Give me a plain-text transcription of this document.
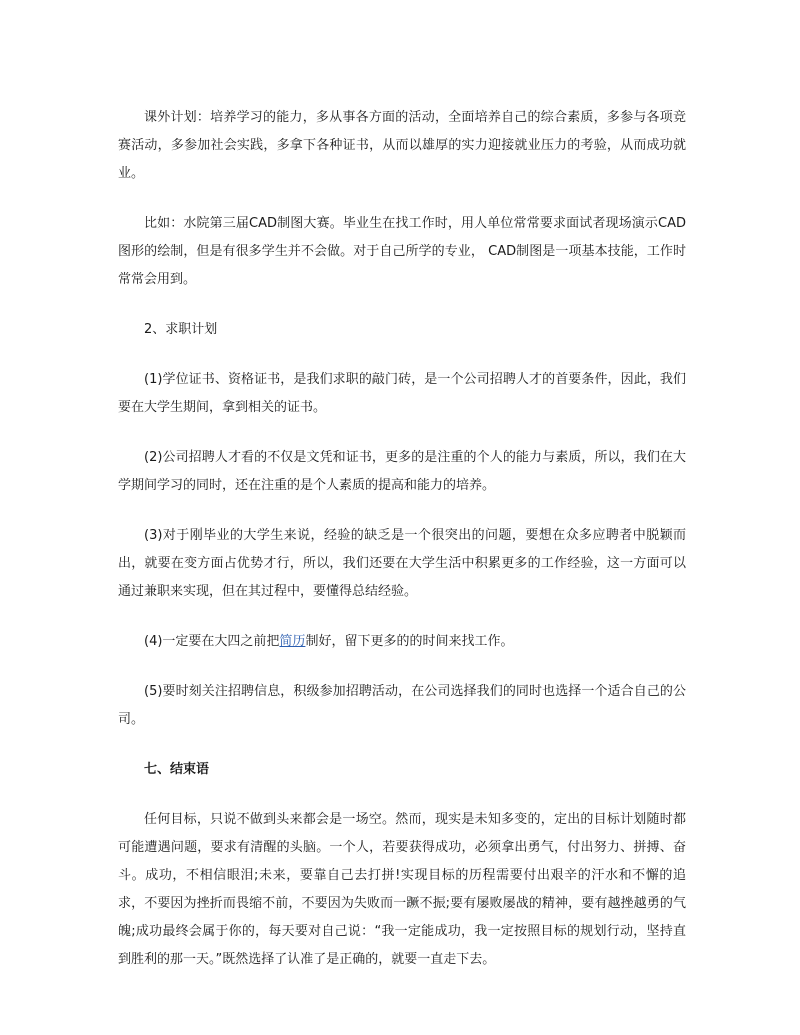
课外计划：培养学习的能力，多从事各方面的活动，全面培养自己的综合素质，多参与各项竞赛活动，多参加社会实践，多拿下各种证书，从而以雄厚的实力迎接就业压力的考验，从而成功就业。

比如：水院第三届CAD制图大赛。毕业生在找工作时，用人单位常常要求面试者现场演示CAD图形的绘制，但是有很多学生并不会做。对于自己所学的专业， CAD制图是一项基本技能，工作时常常会用到。

2、求职计划

(1)学位证书、资格证书，是我们求职的敲门砖，是一个公司招聘人才的首要条件，因此，我们要在大学生期间，拿到相关的证书。

(2)公司招聘人才看的不仅是文凭和证书，更多的是注重的个人的能力与素质，所以，我们在大学期间学习的同时，还在注重的是个人素质的提高和能力的培养。

(3)对于刚毕业的大学生来说，经验的缺乏是一个很突出的问题，要想在众多应聘者中脱颖而出，就要在变方面占优势才行，所以，我们还要在大学生活中积累更多的工作经验，这一方面可以通过兼职来实现，但在其过程中，要懂得总结经验。

(4)一定要在大四之前把简历制好，留下更多的的时间来找工作。

(5)要时刻关注招聘信息，积级参加招聘活动，在公司选择我们的同时也选择一个适合自己的公司。

七、结束语

任何目标，只说不做到头来都会是一场空。然而，现实是未知多变的，定出的目标计划随时都可能遭遇问题，要求有清醒的头脑。一个人，若要获得成功，必须拿出勇气，付出努力、拼搏、奋斗。成功，不相信眼泪;未来，要靠自己去打拼!实现目标的历程需要付出艰辛的汗水和不懈的追求，不要因为挫折而畏缩不前，不要因为失败而一蹶不振;要有屡败屡战的精神，要有越挫越勇的气魄;成功最终会属于你的，每天要对自己说：“我一定能成功，我一定按照目标的规划行动，坚持直到胜利的那一天。”既然选择了认准了是正确的，就要一直走下去。
